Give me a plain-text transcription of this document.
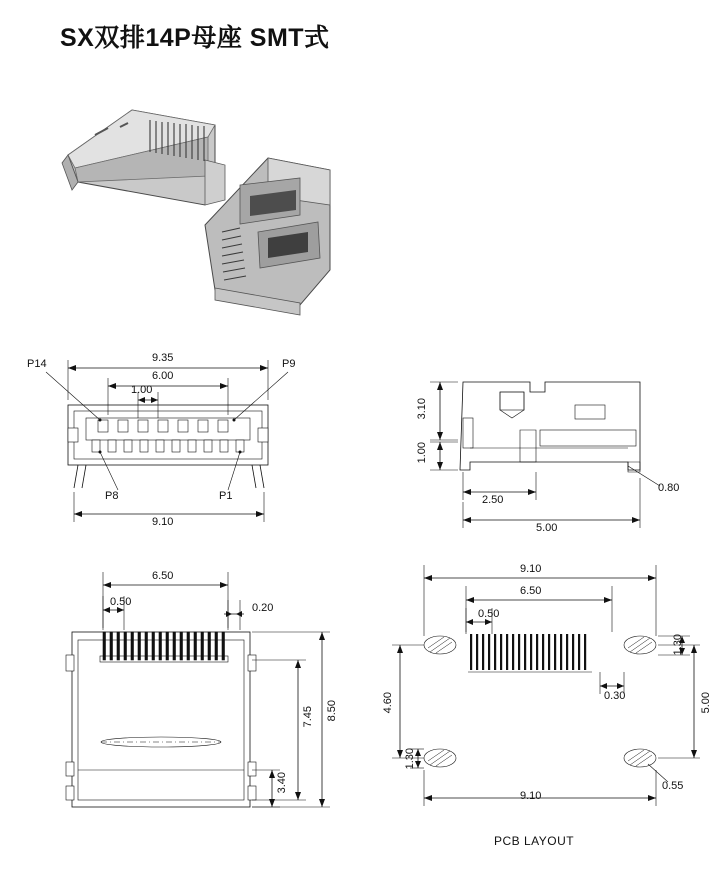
SX双排14P母座 SMT式
9.35
6.00
1.00
9.10
P14	P9
P8	P1
3.10
1.00
2.50
5.00
0.80
6.50
0.50	0.20
8.50
7.45
3.40
9.10
6.50
0.50
1.30
0.30	5.00
4.60
1.30
0.55
9.10
PCB LAYOUT
